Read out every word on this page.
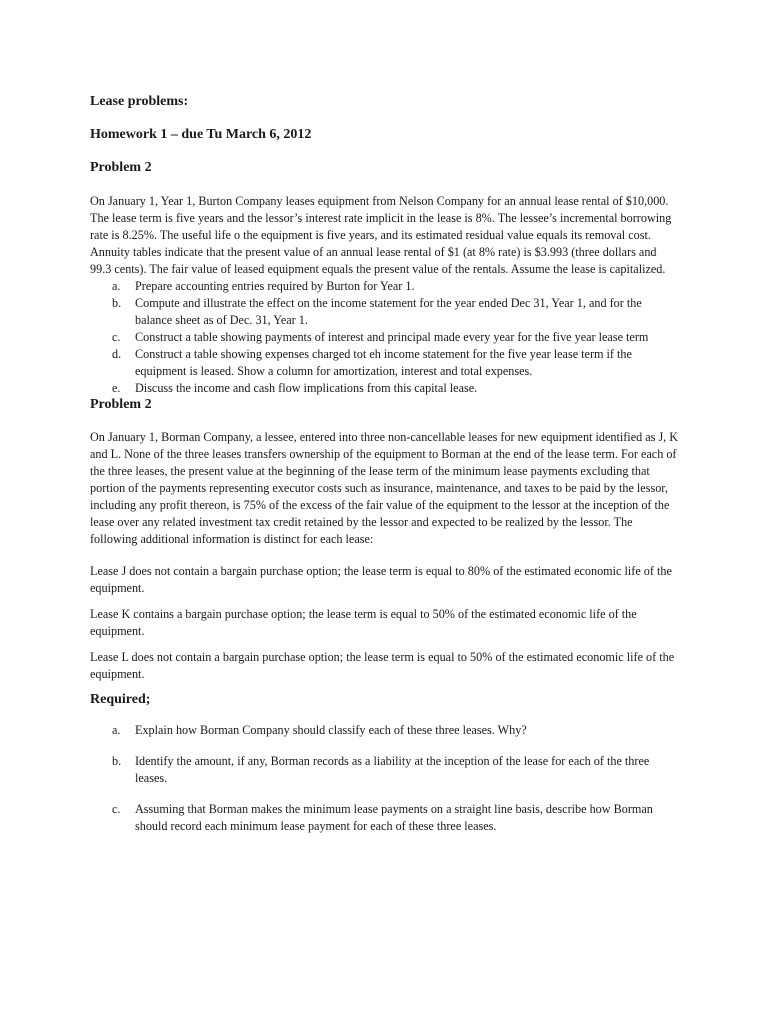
Lease problems:

Homework 1 – due Tu March 6, 2012

Problem 2

On January 1, Year 1, Burton Company leases equipment from Nelson Company for an annual lease rental of $10,000. The lease term is five years and the lessor’s interest rate implicit in the lease is 8%. The lessee’s incremental borrowing rate is 8.25%. The useful life o the equipment is five years, and its estimated residual value equals its removal cost. Annuity tables indicate that the present value of an annual lease rental of $1 (at 8% rate) is $3.993 (three dollars and 99.3 cents). The fair value of leased equipment equals the present value of the rentals. Assume the lease is capitalized.

a. Prepare accounting entries required by Burton for Year 1.
b. Compute and illustrate the effect on the income statement for the year ended Dec 31, Year 1, and for the balance sheet as of Dec. 31, Year 1.
c. Construct a table showing payments of interest and principal made every year for the five year lease term
d. Construct a table showing expenses charged tot eh income statement for the five year lease term if the equipment is leased. Show a column for amortization, interest and total expenses.
e. Discuss the income and cash flow implications from this capital lease.

Problem 2

On January 1, Borman Company, a lessee, entered into three non-cancellable leases for new equipment identified as J, K and L. None of the three leases transfers ownership of the equipment to Borman at the end of the lease term. For each of the three leases, the present value at the beginning of the lease term of the minimum lease payments excluding that portion of the payments representing executor costs such as insurance, maintenance, and taxes to be paid by the lessor, including any profit thereon, is 75% of the excess of the fair value of the equipment to the lessor at the inception of the lease over any related investment tax credit retained by the lessor and expected to be realized by the lessor. The following additional information is distinct for each lease:

Lease J does not contain a bargain purchase option; the lease term is equal to 80% of the estimated economic life of the equipment.

Lease K contains a bargain purchase option; the lease term is equal to 50% of the estimated economic life of the equipment.

Lease L does not contain a bargain purchase option; the lease term is equal to 50% of the estimated economic life of the equipment.

Required;

a. Explain how Borman Company should classify each of these three leases. Why?
b. Identify the amount, if any, Borman records as a liability at the inception of the lease for each of the three leases.
c. Assuming that Borman makes the minimum lease payments on a straight line basis, describe how Borman should record each minimum lease payment for each of these three leases.
